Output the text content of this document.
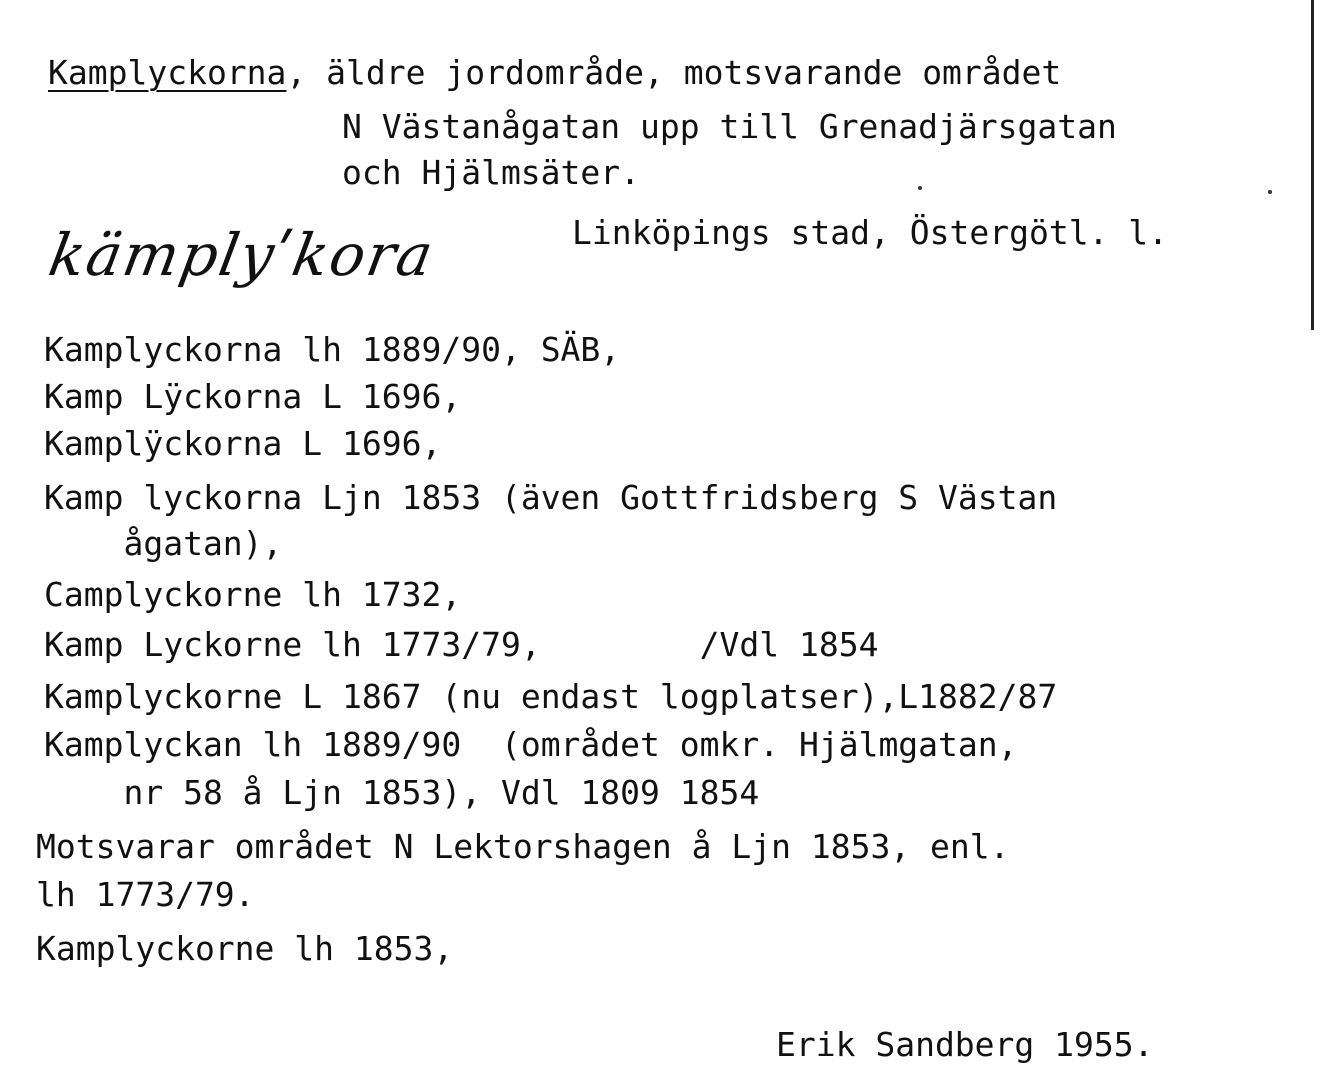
Kamplyckorna, äldre jordområde, motsvarande området
N Västanågatan upp till Grenadjärsgatan
och Hjälmsäter.
Linköpings stad, Östergötl. l.
kämplyʹkora
Kamplyckorna lh 1889/90, SÄB,
Kamp Lÿckorna L 1696,
Kamplÿckorna L 1696,
Kamp lyckorna Ljn 1853 (även Gottfridsberg S Västan
ågatan),
Camplyckorne lh 1732,
Kamp Lyckorne lh 1773/79,        /Vdl 1854
Kamplyckorne L 1867 (nu endast logplatser),L1882/87
Kamplyckan lh 1889/90  (området omkr. Hjälmgatan,
nr 58 å Ljn 1853), Vdl 1809 1854
Motsvarar området N Lektorshagen å Ljn 1853, enl.
lh 1773/79.
Kamplyckorne lh 1853,
Erik Sandberg 1955.
